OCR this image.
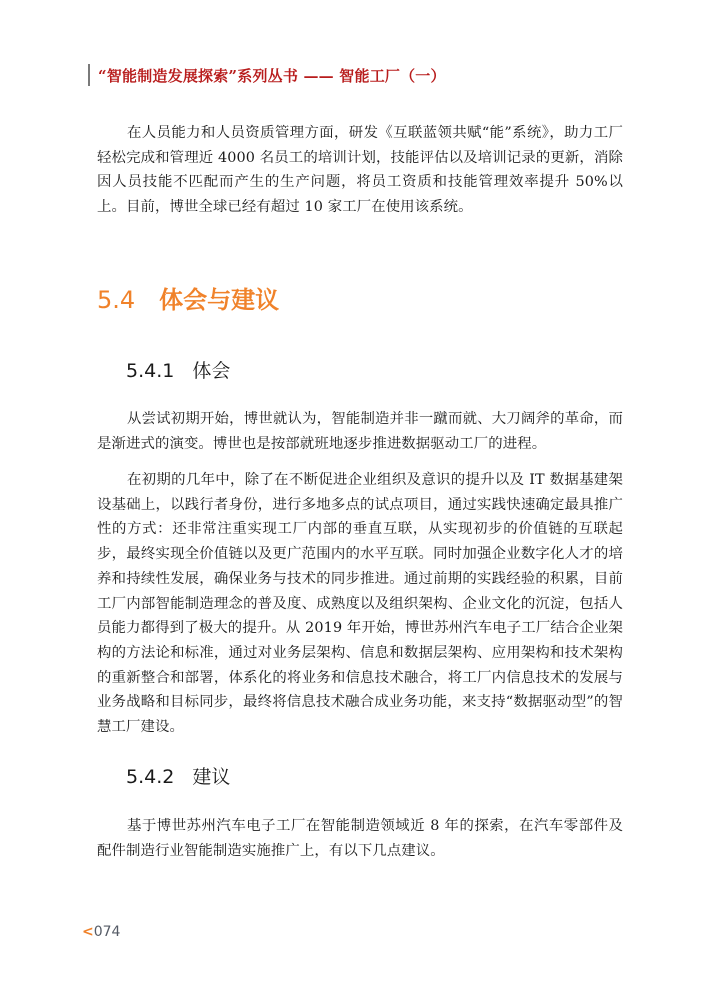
“智能制造发展探索”系列丛书 —— 智能工厂（一）

在人员能力和人员资质管理方面，研发《互联蓝领共赋“能”系统》，助力工厂轻松完成和管理近 4000 名员工的培训计划，技能评估以及培训记录的更新，消除因人员技能不匹配而产生的生产问题，将员工资质和技能管理效率提升 50%以上。目前，博世全球已经有超过 10 家工厂在使用该系统。

5.4 体会与建议
5.4.1 体会

从尝试初期开始，博世就认为，智能制造并非一蹴而就、大刀阔斧的革命，而是渐进式的演变。博世也是按部就班地逐步推进数据驱动工厂的进程。

在初期的几年中，除了在不断促进企业组织及意识的提升以及 IT 数据基建架设基础上，以践行者身份，进行多地多点的试点项目，通过实践快速确定最具推广性的方式：还非常注重实现工厂内部的垂直互联，从实现初步的价值链的互联起步，最终实现全价值链以及更广范围内的水平互联。同时加强企业数字化人才的培养和持续性发展，确保业务与技术的同步推进。通过前期的实践经验的积累，目前工厂内部智能制造理念的普及度、成熟度以及组织架构、企业文化的沉淀，包括人员能力都得到了极大的提升。从 2019 年开始，博世苏州汽车电子工厂结合企业架构的方法论和标准，通过对业务层架构、信息和数据层架构、应用架构和技术架构的重新整合和部署，体系化的将业务和信息技术融合，将工厂内信息技术的发展与业务战略和目标同步，最终将信息技术融合成业务功能，来支持“数据驱动型”的智慧工厂建设。

5.4.2 建议

基于博世苏州汽车电子工厂在智能制造领域近 8 年的探索，在汽车零部件及配件制造行业智能制造实施推广上，有以下几点建议。

<074
